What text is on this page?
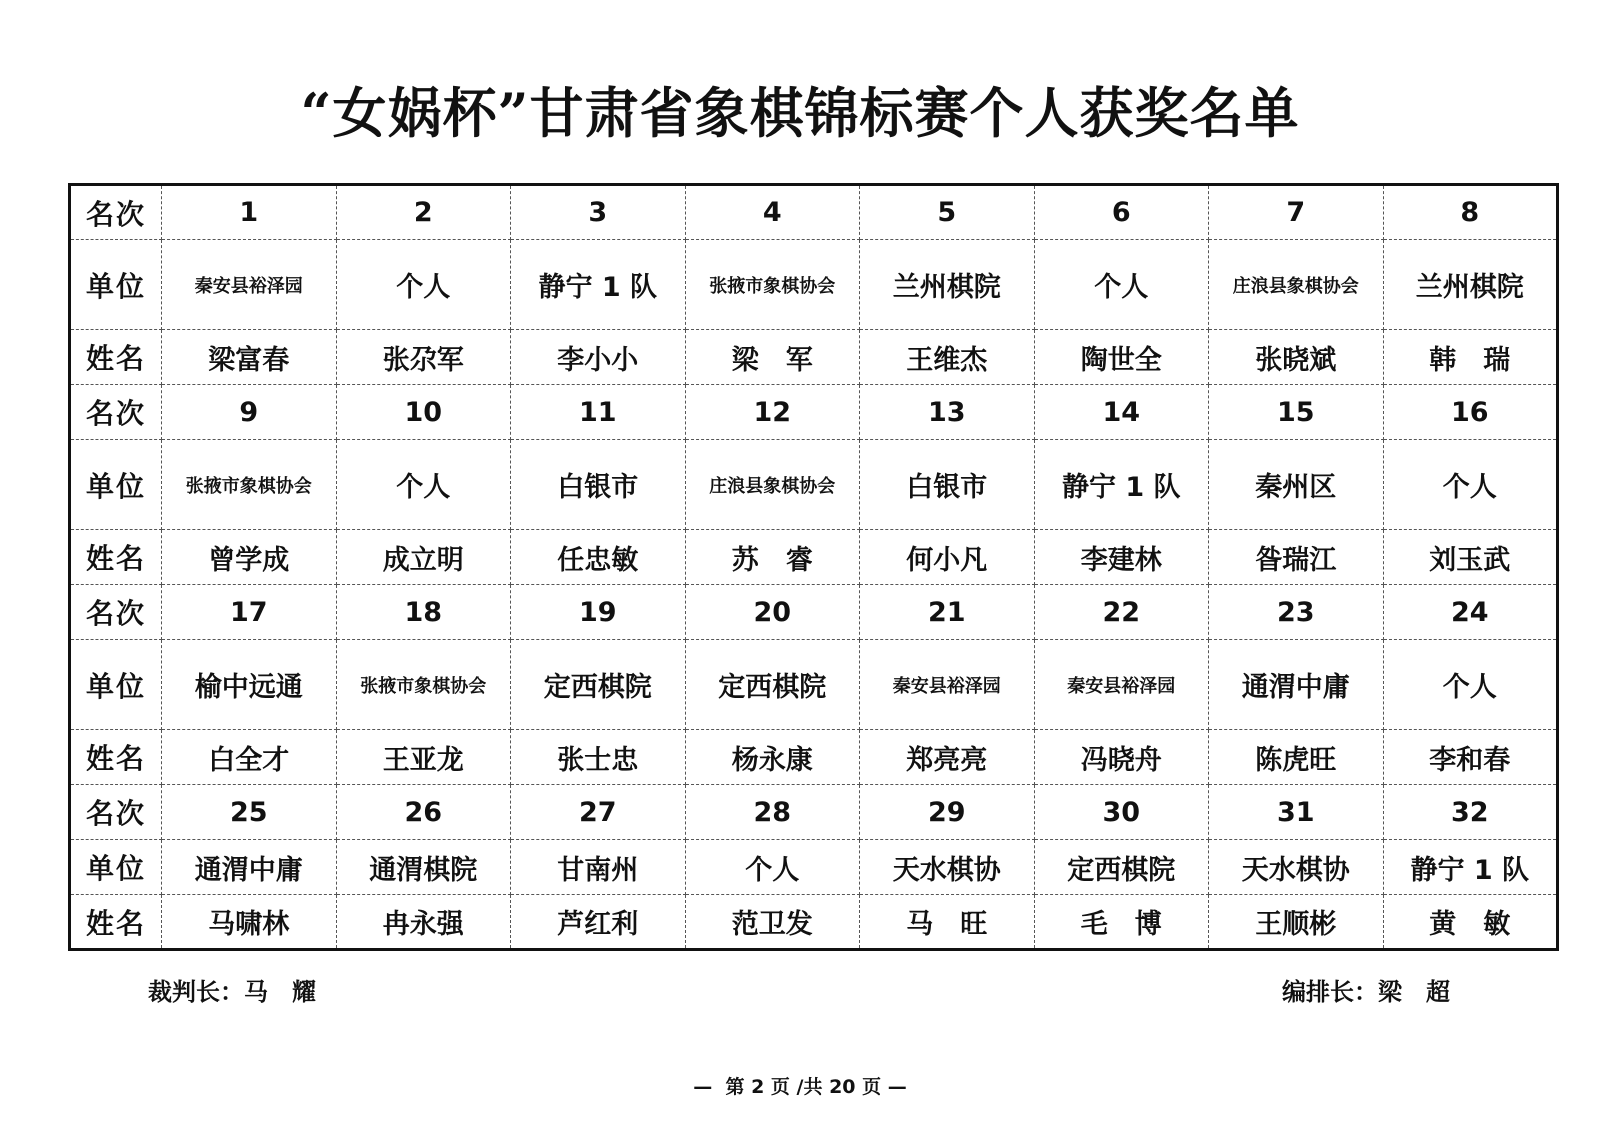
“女娲杯”甘肃省象棋锦标赛个人获奖名单
名次	1	2	3	4	5	6	7	8
单位	秦安县裕泽园	个人	静宁 1 队	张掖市象棋协会	兰州棋院	个人	庄浪县象棋协会	兰州棋院
姓名	梁富春	张尕军	李小小	梁　军	王维杰	陶世全	张晓斌	韩　瑞
名次	9	10	11	12	13	14	15	16
单位	张掖市象棋协会	个人	白银市	庄浪县象棋协会	白银市	静宁 1 队	秦州区	个人
姓名	曾学成	成立明	任忠敏	苏　睿	何小凡	李建林	昝瑞江	刘玉武
名次	17	18	19	20	21	22	23	24
单位	榆中远通	张掖市象棋协会	定西棋院	定西棋院	秦安县裕泽园	秦安县裕泽园	通渭中庸	个人
姓名	白全才	王亚龙	张士忠	杨永康	郑亮亮	冯晓舟	陈虎旺	李和春
名次	25	26	27	28	29	30	31	32
单位	通渭中庸	通渭棋院	甘南州	个人	天水棋协	定西棋院	天水棋协	静宁 1 队
姓名	马啸林	冉永强	芦红利	范卫发	马　旺	毛　博	王顺彬	黄　敏
裁判长：马　耀	编排长：梁　超
—  第 2 页 /共 20 页 —
